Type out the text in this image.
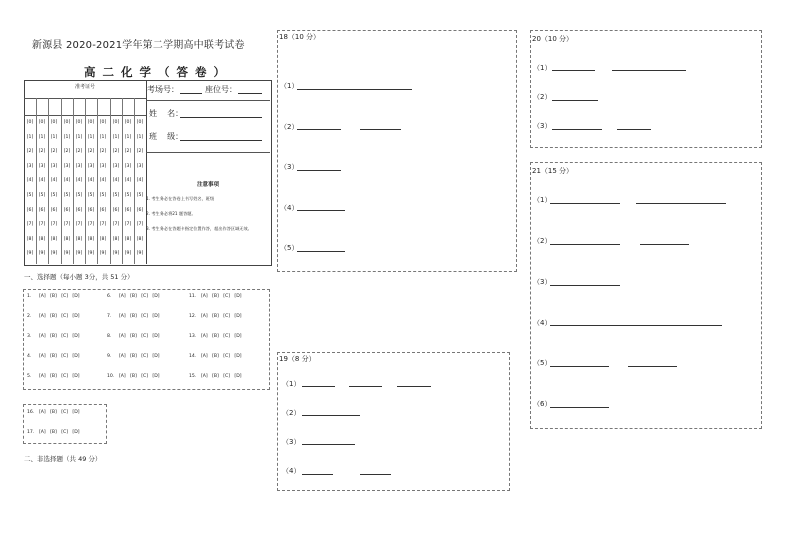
新源县 2020-2021学年第二学期高中联考试卷
高二化学（答卷）
准考证号
[0]
[1]
[2]
[3]
[4]
[5]
[6]
[7]
[8]
[9]
[0]
[1]
[2]
[3]
[4]
[5]
[6]
[7]
[8]
[9]
[0]
[1]
[2]
[3]
[4]
[5]
[6]
[7]
[8]
[9]
[0]
[1]
[2]
[3]
[4]
[5]
[6]
[7]
[8]
[9]
[0]
[1]
[2]
[3]
[4]
[5]
[6]
[7]
[8]
[9]
[0]
[1]
[2]
[3]
[4]
[5]
[6]
[7]
[8]
[9]
[0]
[1]
[2]
[3]
[4]
[5]
[6]
[7]
[8]
[9]
[0]
[1]
[2]
[3]
[4]
[5]
[6]
[7]
[8]
[9]
[0]
[1]
[2]
[3]
[4]
[5]
[6]
[7]
[8]
[9]
[0]
[1]
[2]
[3]
[4]
[5]
[6]
[7]
[8]
[9]
考场号：	座位号：
姓    名：
班    级：
注意事项
1. 考生务必在答卷上书写姓名，班级
2. 考生务必将21 题答题。
3. 考生务必在答题卡指定位置作答，超出作答区域无效。
一、选择题（每小题 3分，共 51 分）
1. [A]   [B]   [C]   [D]
2. [A]   [B]   [C]   [D]
3. [A]   [B]   [C]   [D]
4. [A]   [B]   [C]   [D]
5. [A]   [B]   [C]   [D]
6. [A]   [B]   [C]   [D]
7. [A]   [B]   [C]   [D]
8. [A]   [B]   [C]   [D]
9. [A]   [B]   [C]   [D]
10. [A]   [B]   [C]   [D]
11. [A]   [B]   [C]   [D]
12. [A]   [B]   [C]   [D]
13. [A]   [B]   [C]   [D]
14. [A]   [B]   [C]   [D]
15. [A]   [B]   [C]   [D]
16. [A]   [B]   [C]   [D]
17. [A]   [B]   [C]   [D]
二、非选择题（共 49 分）
18（10 分）
（1）
（2）
（3）
（4）
（5）
19（8 分）
（1）
（2）
（3）
（4）
20（10 分）
（1）
（2）
（3）
21（15 分）
（1）
（2）
（3）
（4）
（5）
（6）
